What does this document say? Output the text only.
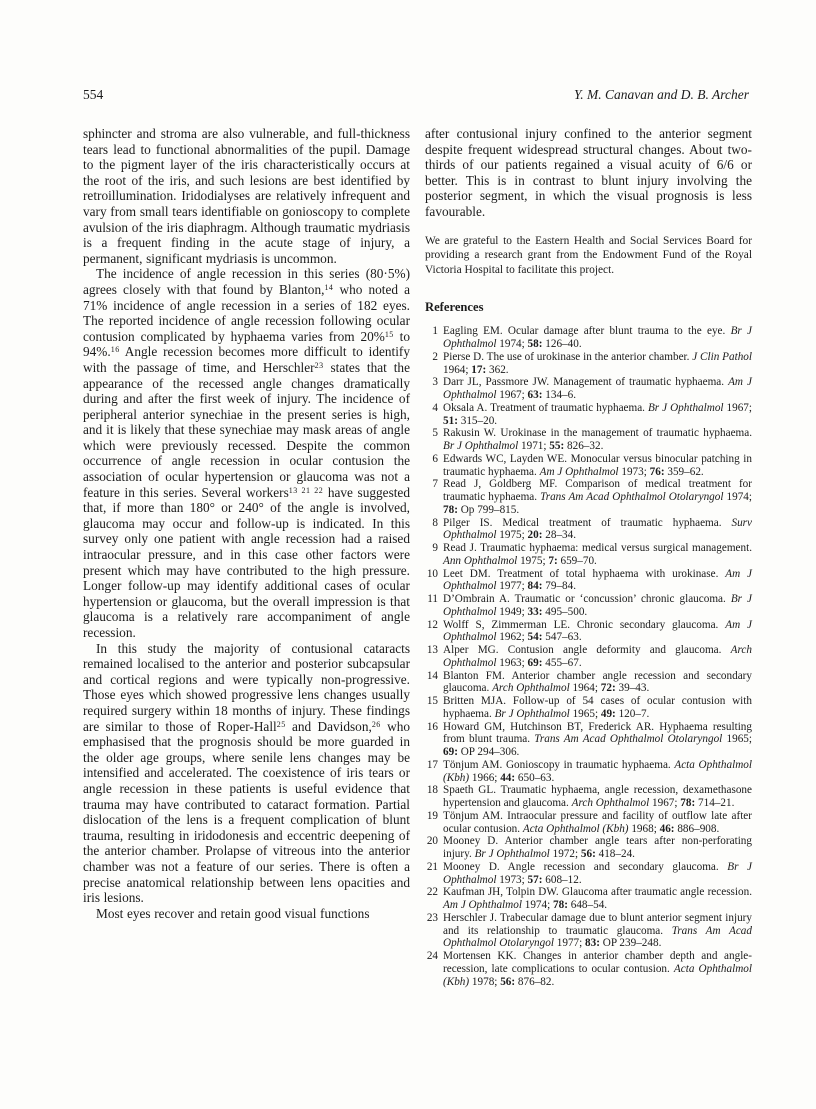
554	Y. M. Canavan and D. B. Archer

sphincter and stroma are also vulnerable, and full-thickness tears lead to functional abnormalities of the pupil. Damage to the pigment layer of the iris characteristically occurs at the root of the iris, and such lesions are best identified by retroillumination. Iridodialyses are relatively infrequent and vary from small tears identifiable on gonioscopy to complete avulsion of the iris diaphragm. Although traumatic mydriasis is a frequent finding in the acute stage of injury, a permanent, significant mydriasis is uncommon.

The incidence of angle recession in this series (80·5%) agrees closely with that found by Blanton,$^{14}$ who noted a 71% incidence of angle recession in a series of 182 eyes. The reported incidence of angle recession following ocular contusion complicated by hyphaema varies from 20%$^{15}$ to 94%.$^{16}$ Angle recession becomes more difficult to identify with the passage of time, and Herschler$^{23}$ states that the appearance of the recessed angle changes dramatically during and after the first week of injury. The incidence of peripheral anterior synechiae in the present series is high, and it is likely that these synechiae may mask areas of angle which were previously recessed. Despite the common occurrence of angle recession in ocular contusion the association of ocular hypertension or glaucoma was not a feature in this series. Several workers$^{13 21 22}$ have suggested that, if more than 180° or 240° of the angle is involved, glaucoma may occur and follow-up is indicated. In this survey only one patient with angle recession had a raised intraocular pressure, and in this case other factors were present which may have contributed to the high pressure. Longer follow-up may identify additional cases of ocular hypertension or glaucoma, but the overall impression is that glaucoma is a relatively rare accompaniment of angle recession.

In this study the majority of contusional cataracts remained localised to the anterior and posterior subcapsular and cortical regions and were typically non-progressive. Those eyes which showed progressive lens changes usually required surgery within 18 months of injury. These findings are similar to those of Roper-Hall$^{25}$ and Davidson,$^{26}$ who emphasised that the prognosis should be more guarded in the older age groups, where senile lens changes may be intensified and accelerated. The coexistence of iris tears or angle recession in these patients is useful evidence that trauma may have contributed to cataract formation. Partial dislocation of the lens is a frequent complication of blunt trauma, resulting in iridodonesis and eccentric deepening of the anterior chamber. Prolapse of vitreous into the anterior chamber was not a feature of our series. There is often a precise anatomical relationship between lens opacities and iris lesions.

Most eyes recover and retain good visual functions

after contusional injury confined to the anterior segment despite frequent widespread structural changes. About two-thirds of our patients regained a visual acuity of 6/6 or better. This is in contrast to blunt injury involving the posterior segment, in which the visual prognosis is less favourable.

We are grateful to the Eastern Health and Social Services Board for providing a research grant from the Endowment Fund of the Royal Victoria Hospital to facilitate this project.

References
1 Eagling EM. Ocular damage after blunt trauma to the eye. Br J Ophthalmol 1974; 58: 126–40.
2 Pierse D. The use of urokinase in the anterior chamber. J Clin Pathol 1964; 17: 362.
3 Darr JL, Passmore JW. Management of traumatic hyphaema. Am J Ophthalmol 1967; 63: 134–6.
4 Oksala A. Treatment of traumatic hyphaema. Br J Ophthalmol 1967; 51: 315–20.
5 Rakusin W. Urokinase in the management of traumatic hyphaema. Br J Ophthalmol 1971; 55: 826–32.
6 Edwards WC, Layden WE. Monocular versus binocular patching in traumatic hyphaema. Am J Ophthalmol 1973; 76: 359–62.
7 Read J, Goldberg MF. Comparison of medical treatment for traumatic hyphaema. Trans Am Acad Ophthalmol Otolaryngol 1974; 78: Op 799–815.
8 Pilger IS. Medical treatment of traumatic hyphaema. Surv Ophthalmol 1975; 20: 28–34.
9 Read J. Traumatic hyphaema: medical versus surgical management. Ann Ophthalmol 1975; 7: 659–70.
10 Leet DM. Treatment of total hyphaema with urokinase. Am J Ophthalmol 1977; 84: 79–84.
11 D’Ombrain A. Traumatic or ‘concussion’ chronic glaucoma. Br J Ophthalmol 1949; 33: 495–500.
12 Wolff S, Zimmerman LE. Chronic secondary glaucoma. Am J Ophthalmol 1962; 54: 547–63.
13 Alper MG. Contusion angle deformity and glaucoma. Arch Ophthalmol 1963; 69: 455–67.
14 Blanton FM. Anterior chamber angle recession and secondary glaucoma. Arch Ophthalmol 1964; 72: 39–43.
15 Britten MJA. Follow-up of 54 cases of ocular contusion with hyphaema. Br J Ophthalmol 1965; 49: 120–7.
16 Howard GM, Hutchinson BT, Frederick AR. Hyphaema resulting from blunt trauma. Trans Am Acad Ophthalmol Otolaryngol 1965; 69: OP 294–306.
17 Tönjum AM. Gonioscopy in traumatic hyphaema. Acta Ophthalmol (Kbh) 1966; 44: 650–63.
18 Spaeth GL. Traumatic hyphaema, angle recession, dexamethasone hypertension and glaucoma. Arch Ophthalmol 1967; 78: 714–21.
19 Tönjum AM. Intraocular pressure and facility of outflow late after ocular contusion. Acta Ophthalmol (Kbh) 1968; 46: 886–908.
20 Mooney D. Anterior chamber angle tears after non-perforating injury. Br J Ophthalmol 1972; 56: 418–24.
21 Mooney D. Angle recession and secondary glaucoma. Br J Ophthalmol 1973; 57: 608–12.
22 Kaufman JH, Tolpin DW. Glaucoma after traumatic angle recession. Am J Ophthalmol 1974; 78: 648–54.
23 Herschler J. Trabecular damage due to blunt anterior segment injury and its relationship to traumatic glaucoma. Trans Am Acad Ophthalmol Otolaryngol 1977; 83: OP 239–248.
24 Mortensen KK. Changes in anterior chamber depth and angle-recession, late complications to ocular contusion. Acta Ophthalmol (Kbh) 1978; 56: 876–82.
